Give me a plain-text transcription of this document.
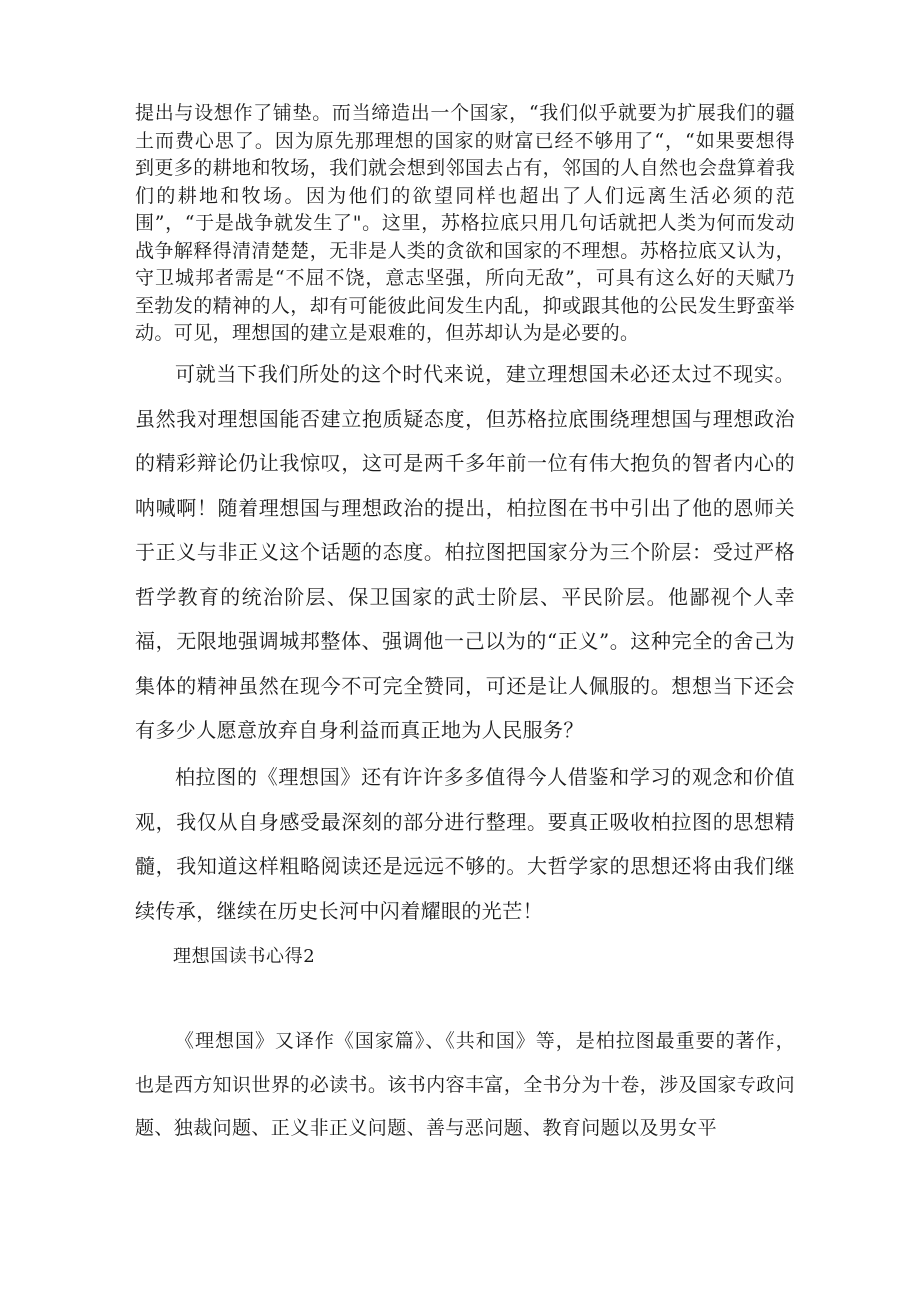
提出与设想作了铺垫。而当缔造出一个国家，“我们似乎就要为扩展我们的疆土而费心思了。因为原先那理想的国家的财富已经不够用了“，“如果要想得到更多的耕地和牧场，我们就会想到邻国去占有，邻国的人自然也会盘算着我们的耕地和牧场。因为他们的欲望同样也超出了人们远离生活必须的范围”，“于是战争就发生了"。这里，苏格拉底只用几句话就把人类为何而发动战争解释得清清楚楚，无非是人类的贪欲和国家的不理想。苏格拉底又认为，守卫城邦者需是“不屈不饶，意志坚强，所向无敌”，可具有这么好的天赋乃至勃发的精神的人，却有可能彼此间发生内乱，抑或跟其他的公民发生野蛮举动。可见，理想国的建立是艰难的，但苏却认为是必要的。

可就当下我们所处的这个时代来说，建立理想国未必还太过不现实。虽然我对理想国能否建立抱质疑态度，但苏格拉底围绕理想国与理想政治的精彩辩论仍让我惊叹，这可是两千多年前一位有伟大抱负的智者内心的呐喊啊！随着理想国与理想政治的提出，柏拉图在书中引出了他的恩师关于正义与非正义这个话题的态度。柏拉图把国家分为三个阶层：受过严格哲学教育的统治阶层、保卫国家的武士阶层、平民阶层。他鄙视个人幸福，无限地强调城邦整体、强调他一己以为的“正义”。这种完全的舍己为集体的精神虽然在现今不可完全赞同，可还是让人佩服的。想想当下还会有多少人愿意放弃自身利益而真正地为人民服务？

柏拉图的《理想国》还有许许多多值得今人借鉴和学习的观念和价值观，我仅从自身感受最深刻的部分进行整理。要真正吸收柏拉图的思想精髓，我知道这样粗略阅读还是远远不够的。大哲学家的思想还将由我们继续传承，继续在历史长河中闪着耀眼的光芒！

理想国读书心得2

《理想国》又译作《国家篇》、《共和国》等，是柏拉图最重要的著作，也是西方知识世界的必读书。该书内容丰富，全书分为十卷，涉及国家专政问题、独裁问题、正义非正义问题、善与恶问题、教育问题以及男女平
